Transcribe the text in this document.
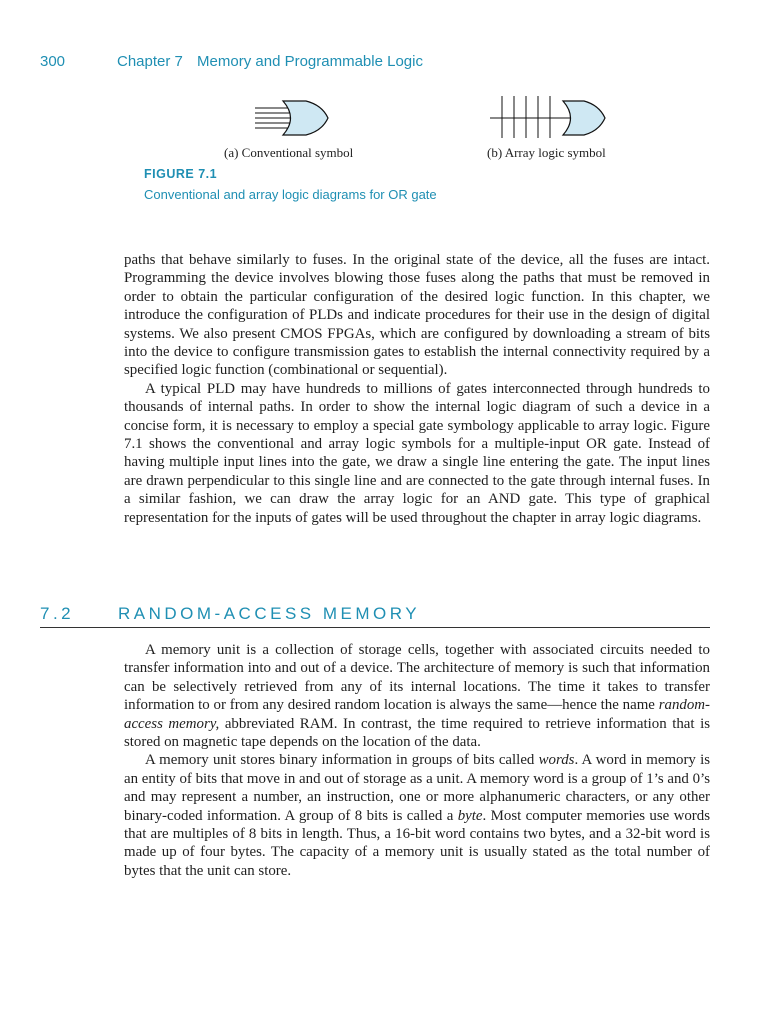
300	Chapter 7 Memory and Programmable Logic
(a) Conventional symbol	(b) Array logic symbol
FIGURE 7.1
Conventional and array logic diagrams for OR gate

paths that behave similarly to fuses. In the original state of the device, all the fuses are intact. Programming the device involves blowing those fuses along the paths that must be removed in order to obtain the particular configuration of the desired logic function. In this chapter, we introduce the configuration of PLDs and indicate procedures for their use in the design of digital systems. We also present CMOS FPGAs, which are configured by downloading a stream of bits into the device to configure transmission gates to establish the internal connectivity required by a specified logic function (combinational or sequential).

A typical PLD may have hundreds to millions of gates interconnected through hundreds to thousands of internal paths. In order to show the internal logic diagram of such a device in a concise form, it is necessary to employ a special gate symbology applicable to array logic. Figure 7.1 shows the conventional and array logic symbols for a multiple-input OR gate. Instead of having multiple input lines into the gate, we draw a single line entering the gate. The input lines are drawn perpendicular to this single line and are connected to the gate through internal fuses. In a similar fashion, we can draw the array logic for an AND gate. This type of graphical representation for the inputs of gates will be used throughout the chapter in array logic diagrams.

7.2	RANDOM-ACCESS MEMORY

A memory unit is a collection of storage cells, together with associated circuits needed to transfer information into and out of a device. The architecture of memory is such that information can be selectively retrieved from any of its internal locations. The time it takes to transfer information to or from any desired random location is always the same—hence the name random-access memory, abbreviated RAM. In contrast, the time required to retrieve information that is stored on magnetic tape depends on the location of the data.

A memory unit stores binary information in groups of bits called words. A word in memory is an entity of bits that move in and out of storage as a unit. A memory word is a group of 1’s and 0’s and may represent a number, an instruction, one or more alphanumeric characters, or any other binary-coded information. A group of 8 bits is called a byte. Most computer memories use words that are multiples of 8 bits in length. Thus, a 16-bit word contains two bytes, and a 32-bit word is made up of four bytes. The capacity of a memory unit is usually stated as the total number of bytes that the unit can store.
